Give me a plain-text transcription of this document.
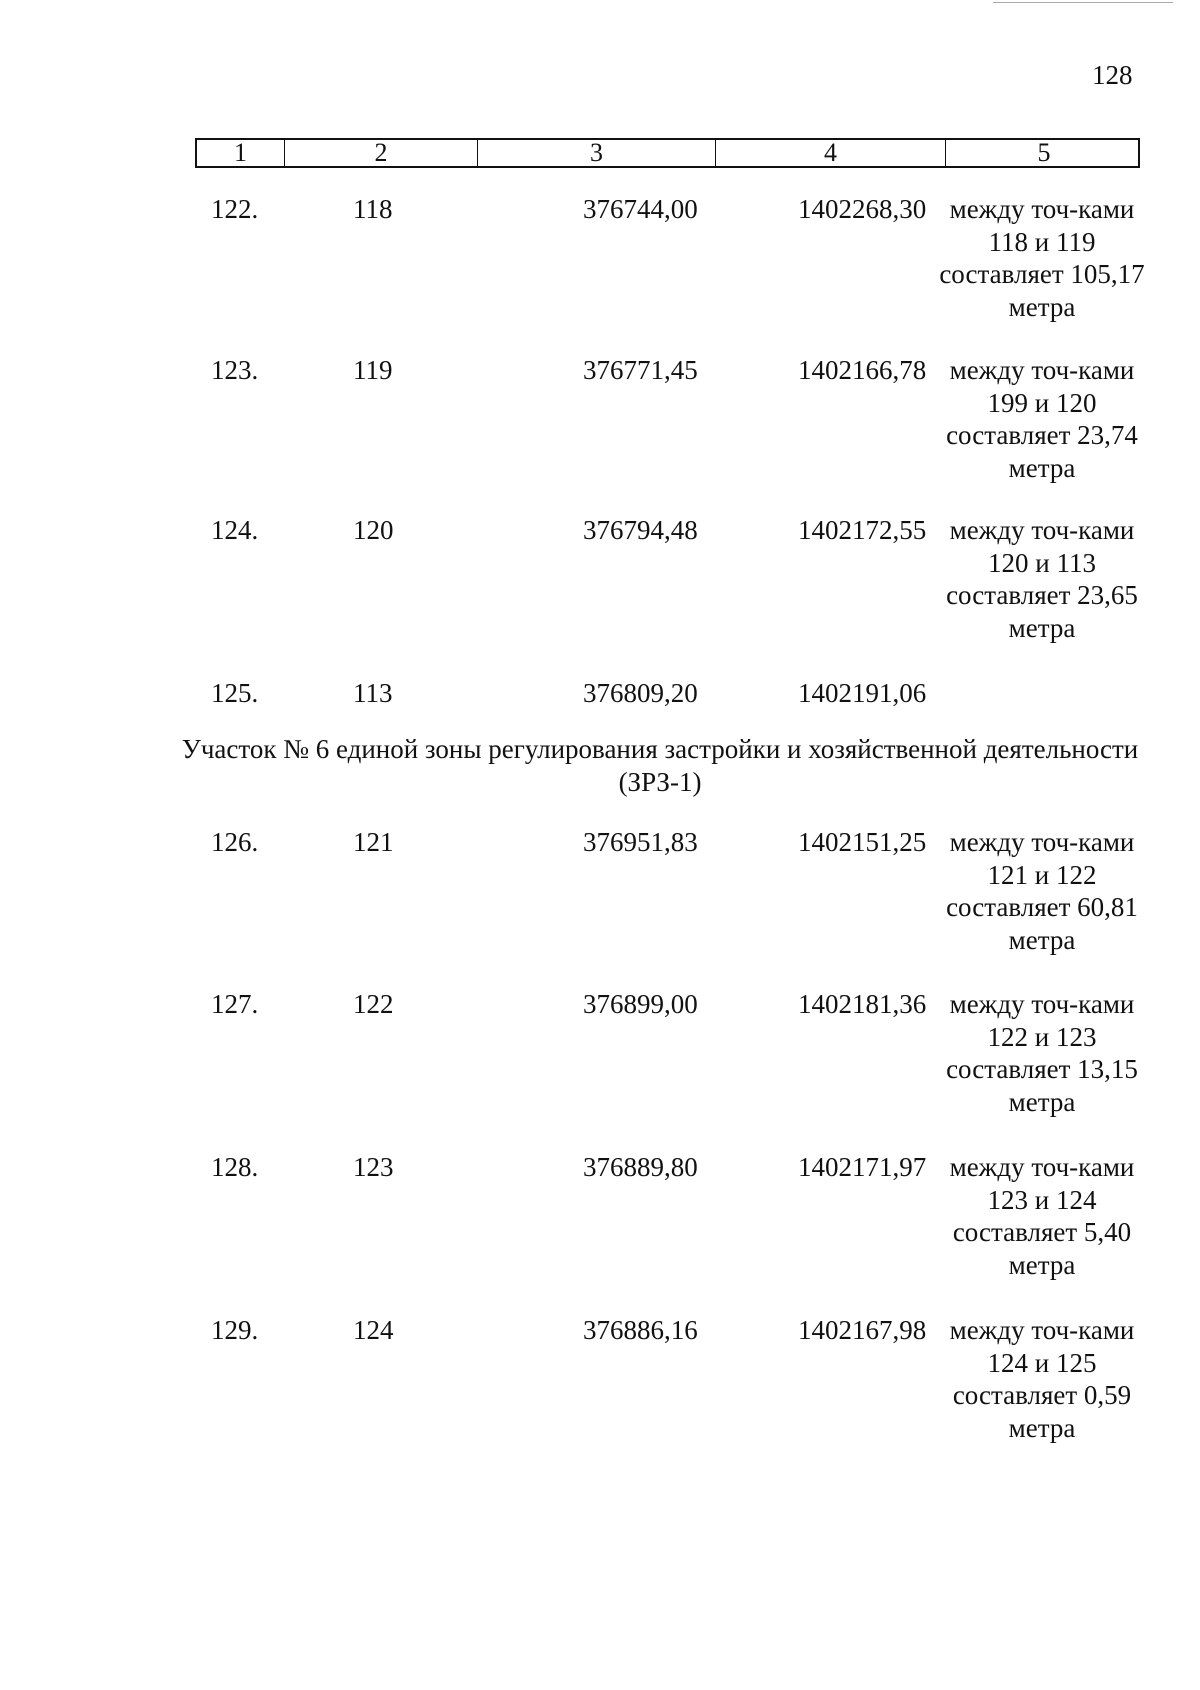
128
1	2	3	4	5
122.	118	376744,00	1402268,30 между точ-ками 118 и 119 составляет 105,17 метра
123.	119	376771,45	1402166,78 между точ-ками 199 и 120 составляет 23,74 метра
124.	120	376794,48	1402172,55 между точ-ками 120 и 113 составляет 23,65 метра
125.	113	376809,20	1402191,06
Участок № 6 единой зоны регулирования застройки и хозяйственной деятельности (ЗРЗ-1)
126.	121	376951,83	1402151,25 между точ-ками 121 и 122 составляет 60,81 метра
127.	122	376899,00	1402181,36 между точ-ками 122 и 123 составляет 13,15 метра
128.	123	376889,80	1402171,97 между точ-ками 123 и 124 составляет 5,40 метра
129.	124	376886,16	1402167,98 между точ-ками 124 и 125 составляет 0,59 метра
